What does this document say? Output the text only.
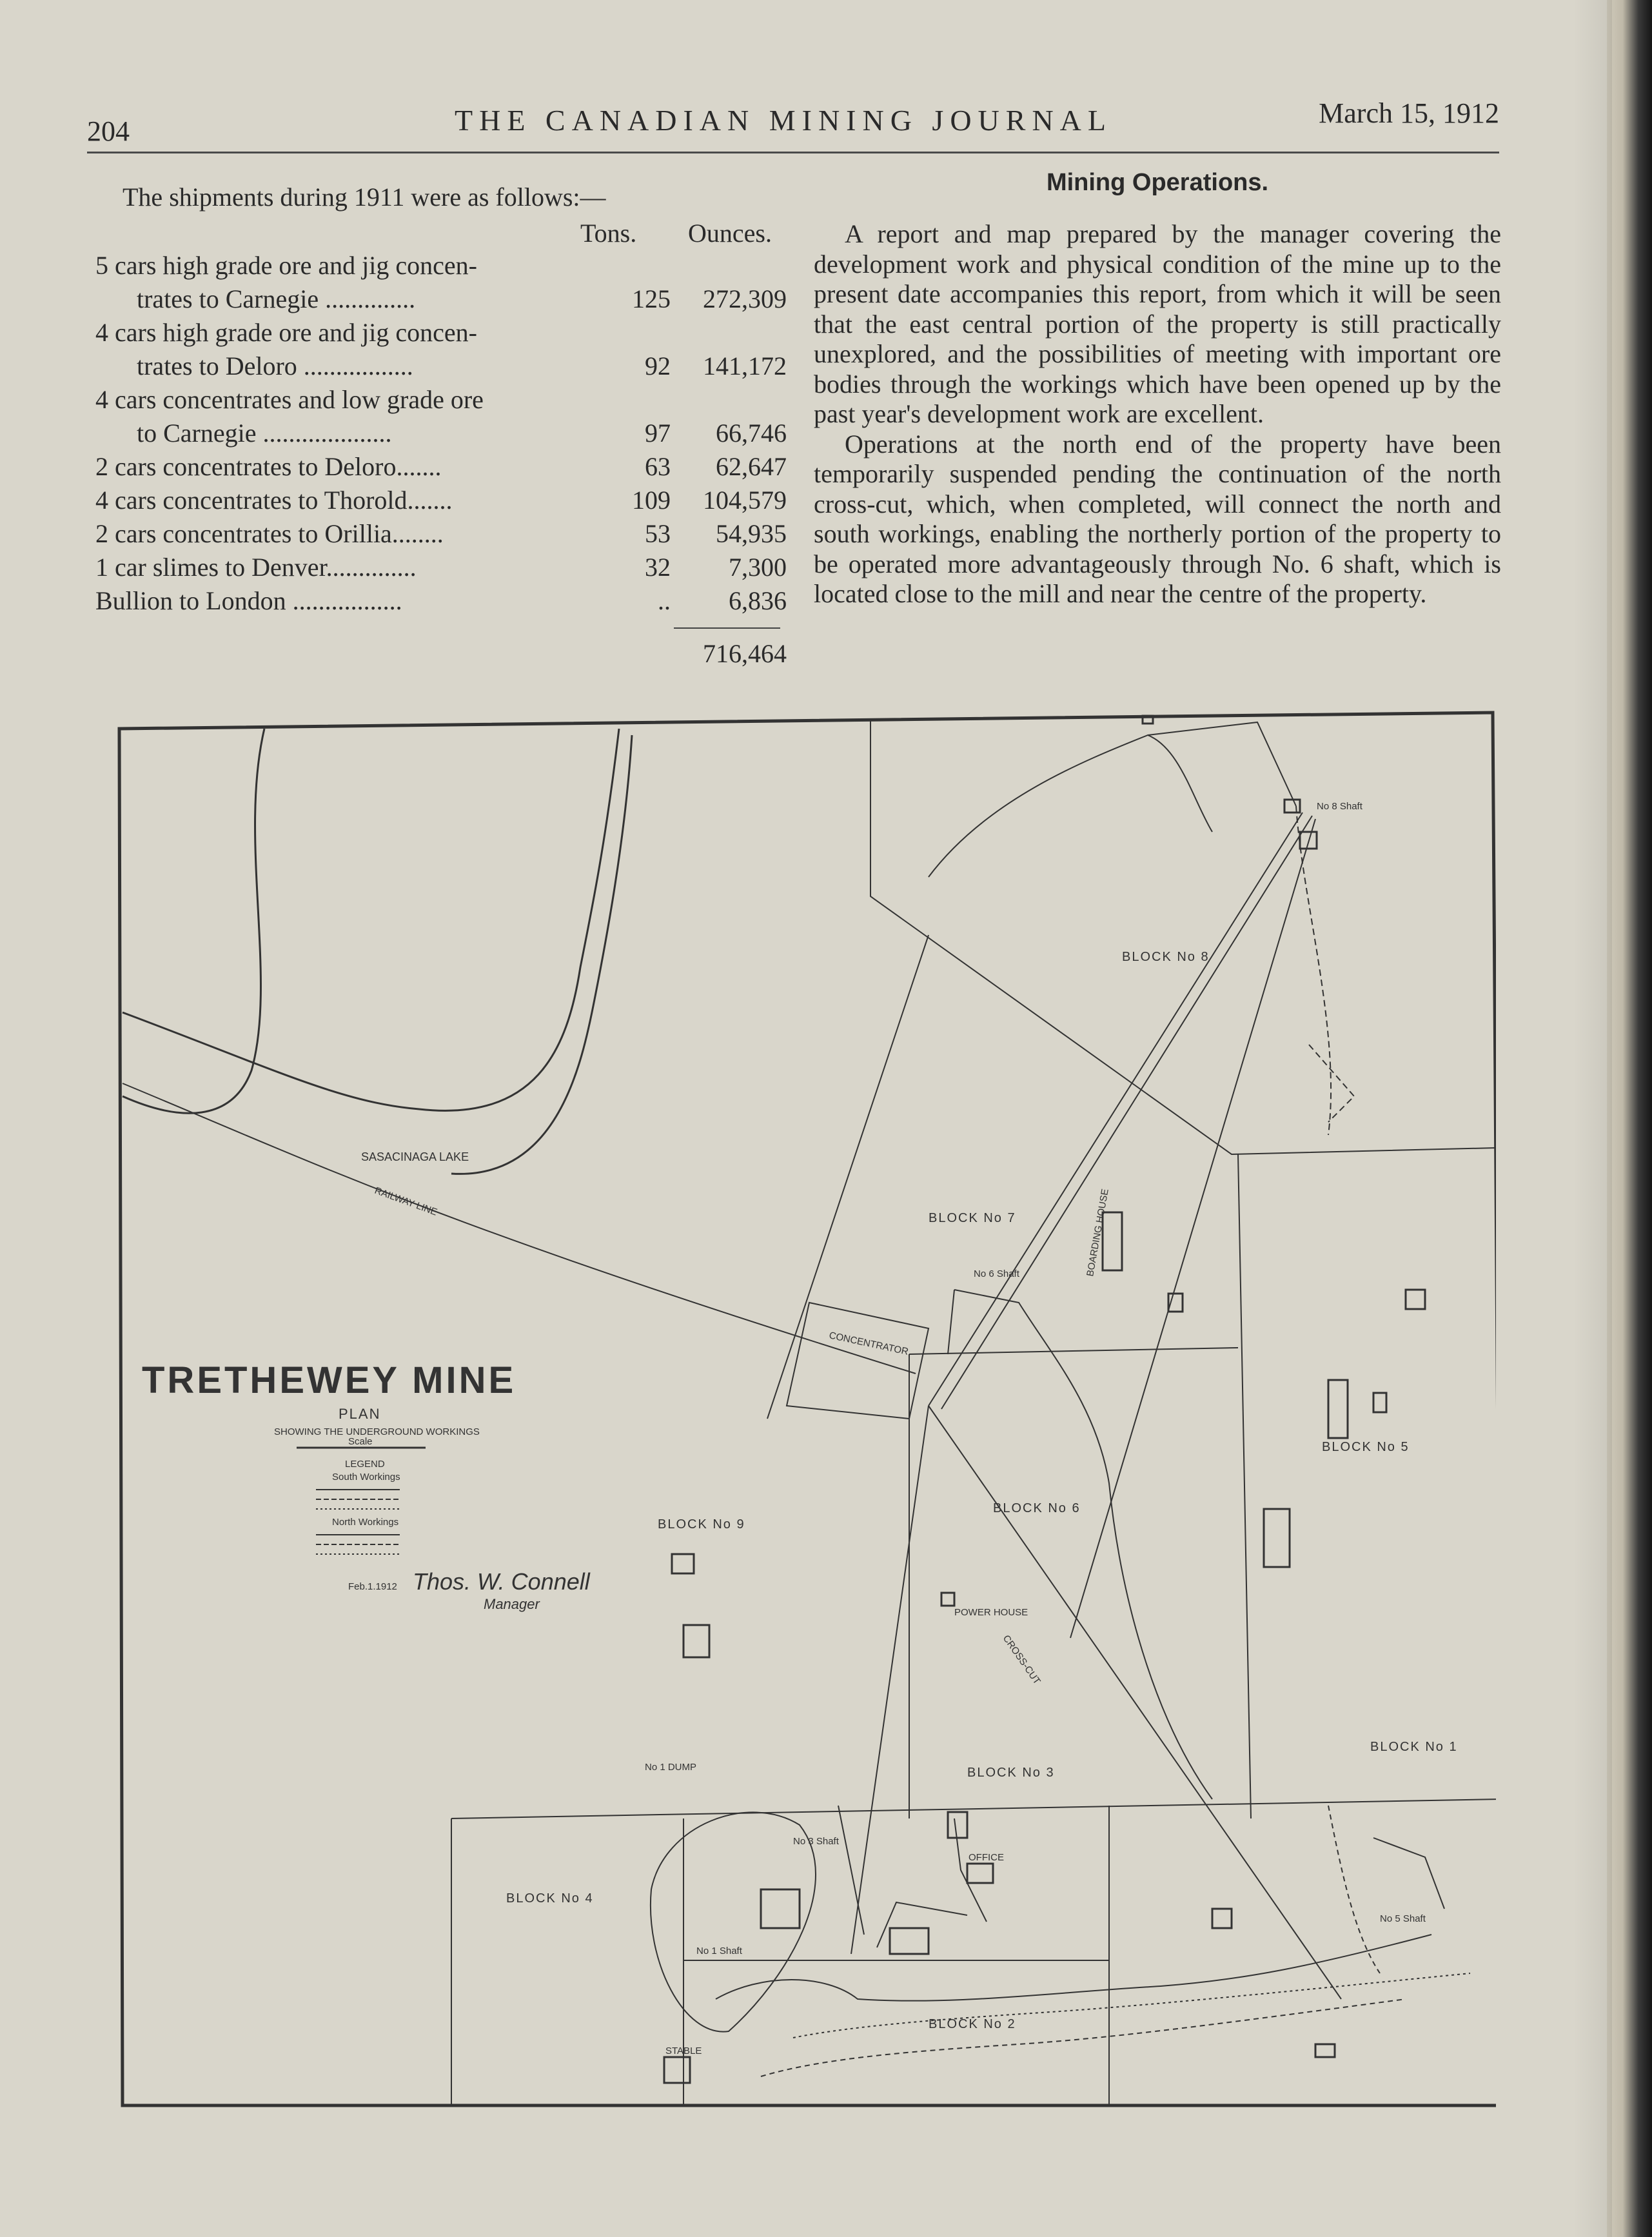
204	THE CANADIAN MINING JOURNAL	March 15, 1912
The shipments during 1911 were as follows:—
Tons. Ounces.
5 cars high grade ore and jig concen-
trates to Carnegie ..............	125	272,309
4 cars high grade ore and jig concen-
trates to Deloro .................	92	141,172
4 cars concentrates and low grade ore
to Carnegie ....................	97	66,746
2 cars concentrates to Deloro.......	63	62,647
4 cars concentrates to Thorold.......	109	104,579
2 cars concentrates to Orillia........	53	54,935
1 car slimes to Denver..............	32	7,300
Bullion to London .................	..	6,836
716,464
Mining Operations.

A report and map prepared by the manager covering the development work and physical condition of the mine up to the present date accompanies this report, from which it will be seen that the east central portion of the property is still practically unexplored, and the possibilities of meeting with important ore bodies through the workings which have been opened up by the past year's development work are excellent.

Operations at the north end of the property have been temporarily suspended pending the continuation of the north cross-cut, which, when completed, will connect the north and south workings, enabling the northerly portion of the property to be operated more advantageously through No. 6 shaft, which is located close to the mill and near the centre of the property.

TRETHEWEY MINE
PLAN
SHOWING THE UNDERGROUND WORKINGS
Scale
LEGEND
South Workings
North Workings
Feb.1.1912 Thos. W. Connell
Manager
SASACINAGA LAKE
RAILWAY LINE
BLOCK No 8
BLOCK No 7
BLOCK No 5
BLOCK No 6
BLOCK No 9
BLOCK No 3
BLOCK No 1
BLOCK No 4
BLOCK No 2
CONCENTRATOR
No 8 Shaft
No 6 Shaft
No 5 Shaft
No 3 Shaft
No 1 Shaft
No 1 DUMP
STABLE
OFFICE
POWER HOUSE
BOARDING HOUSE
CROSS-CUT
